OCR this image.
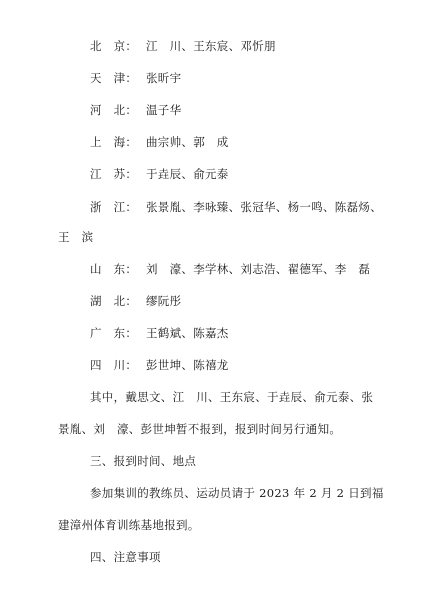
北　京： 江　川、王东宸、邓忻朋
天　津： 张昕宇
河　北： 温子华
上　海： 曲宗帅、郭　成
江　苏： 于垚辰、俞元泰
浙　江： 张景胤、李咏臻、张冠华、杨一鸣、陈磊炀、
王　滨
山　东： 刘　濠、李学林、刘志浩、翟德军、李　磊
湖　北： 缪阮彤
广　东： 王鹤斌、陈嘉杰
四　川： 彭世坤、陈禧龙
其中，戴思文、江　川、王东宸、于垚辰、俞元泰、张
景胤、刘　濠、彭世坤暂不报到，报到时间另行通知。
三、报到时间、地点
参加集训的教练员、运动员请于 2023 年 2 月 2 日到福
建漳州体育训练基地报到。
四、注意事项
